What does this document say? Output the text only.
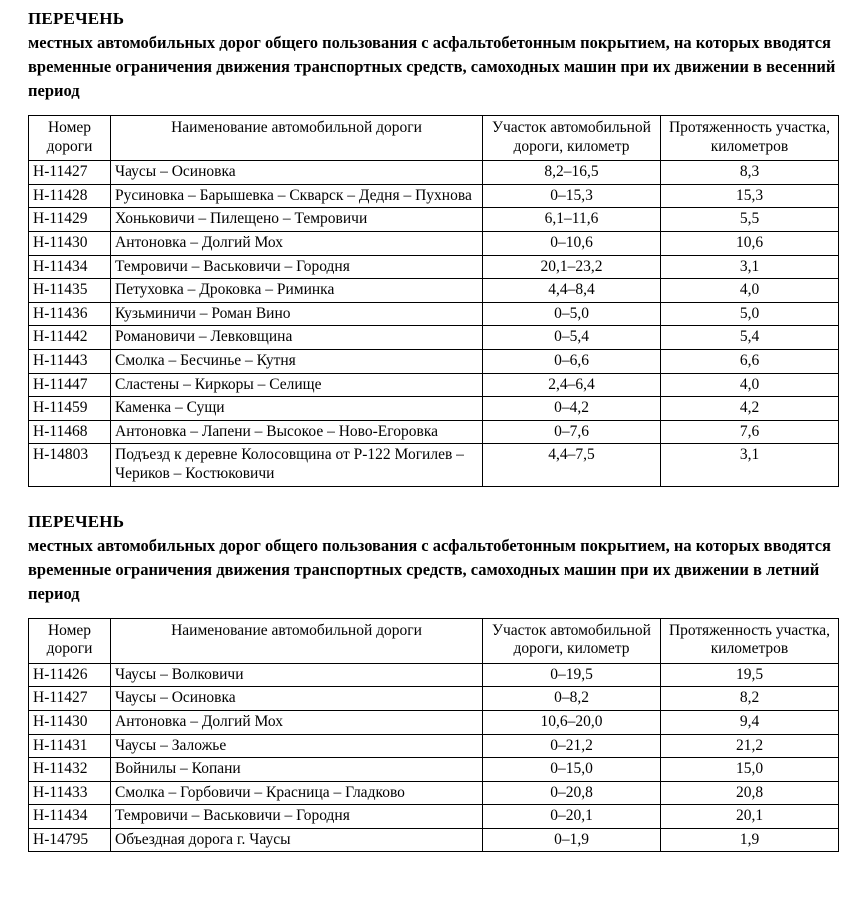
ПЕРЕЧЕНЬ
местных автомобильных дорог общего пользования с асфальтобетонным покрытием, на которых вводятся временные ограничения движения транспортных средств, самоходных машин при их движении в весенний период
Номер дороги	Наименование автомобильной дороги	Участок автомобильной дороги, километр	Протяженность участка, километров
Н-11427	Чаусы – Осиновка	8,2–16,5	8,3
Н-11428	Русиновка – Барышевка – Скварск – Дедня – Пухнова	0–15,3	15,3
Н-11429	Хоньковичи – Пилещено – Темровичи	6,1–11,6	5,5
Н-11430	Антоновка – Долгий Мох	0–10,6	10,6
Н-11434	Темровичи – Васьковичи – Городня	20,1–23,2	3,1
Н-11435	Петуховка – Дроковка – Риминка	4,4–8,4	4,0
Н-11436	Кузьминичи – Роман Вино	0–5,0	5,0
Н-11442	Романовичи – Левковщина	0–5,4	5,4
Н-11443	Смолка – Бесчинье – Кутня	0–6,6	6,6
Н-11447	Сластены – Киркоры – Селище	2,4–6,4	4,0
Н-11459	Каменка – Сущи	0–4,2	4,2
Н-11468	Антоновка – Лапени – Высокое – Ново-Егоровка	0–7,6	7,6
Н-14803	Подъезд к деревне Колосовщина от Р-122 Могилев – Чериков – Костюковичи	4,4–7,5	3,1
ПЕРЕЧЕНЬ
местных автомобильных дорог общего пользования с асфальтобетонным покрытием, на которых вводятся временные ограничения движения транспортных средств, самоходных машин при их движении в летний период
Номер дороги	Наименование автомобильной дороги	Участок автомобильной дороги, километр	Протяженность участка, километров
Н-11426	Чаусы – Волковичи	0–19,5	19,5
Н-11427	Чаусы – Осиновка	0–8,2	8,2
Н-11430	Антоновка – Долгий Мох	10,6–20,0	9,4
Н-11431	Чаусы – Заложье	0–21,2	21,2
Н-11432	Войнилы – Копани	0–15,0	15,0
Н-11433	Смолка – Горбовичи – Красница – Гладково	0–20,8	20,8
Н-11434	Темровичи – Васьковичи – Городня	0–20,1	20,1
Н-14795	Объездная дорога г. Чаусы	0–1,9	1,9
